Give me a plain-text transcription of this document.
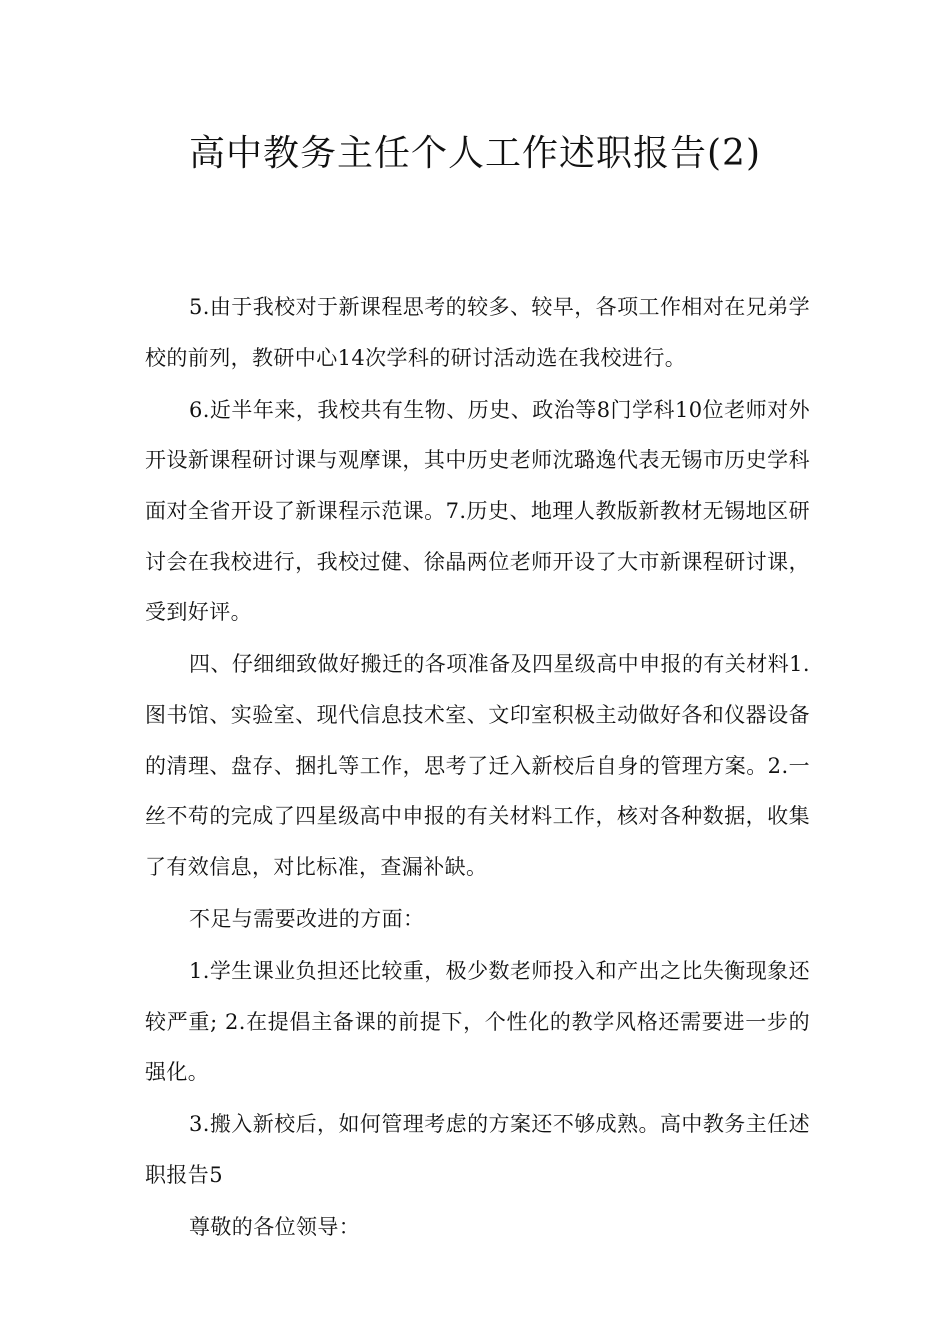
高中教务主任个人工作述职报告(2)

5.由于我校对于新课程思考的较多、较早，各项工作相对在兄弟学校的前列，教研中心14次学科的研讨活动选在我校进行。

6.近半年来，我校共有生物、历史、政治等8门学科10位老师对外开设新课程研讨课与观摩课，其中历史老师沈璐逸代表无锡市历史学科面对全省开设了新课程示范课。7.历史、地理人教版新教材无锡地区研讨会在我校进行，我校过健、徐晶两位老师开设了大市新课程研讨课，受到好评。

四、仔细细致做好搬迁的各项准备及四星级高中申报的有关材料1.图书馆、实验室、现代信息技术室、文印室积极主动做好各和仪器设备的清理、盘存、捆扎等工作，思考了迁入新校后自身的管理方案。2.一丝不苟的完成了四星级高中申报的有关材料工作，核对各种数据，收集了有效信息，对比标准，查漏补缺。

不足与需要改进的方面：

1.学生课业负担还比较重，极少数老师投入和产出之比失衡现象还较严重; 2.在提倡主备课的前提下，个性化的教学风格还需要进一步的强化。

3.搬入新校后，如何管理考虑的方案还不够成熟。高中教务主任述职报告5

尊敬的各位领导：
